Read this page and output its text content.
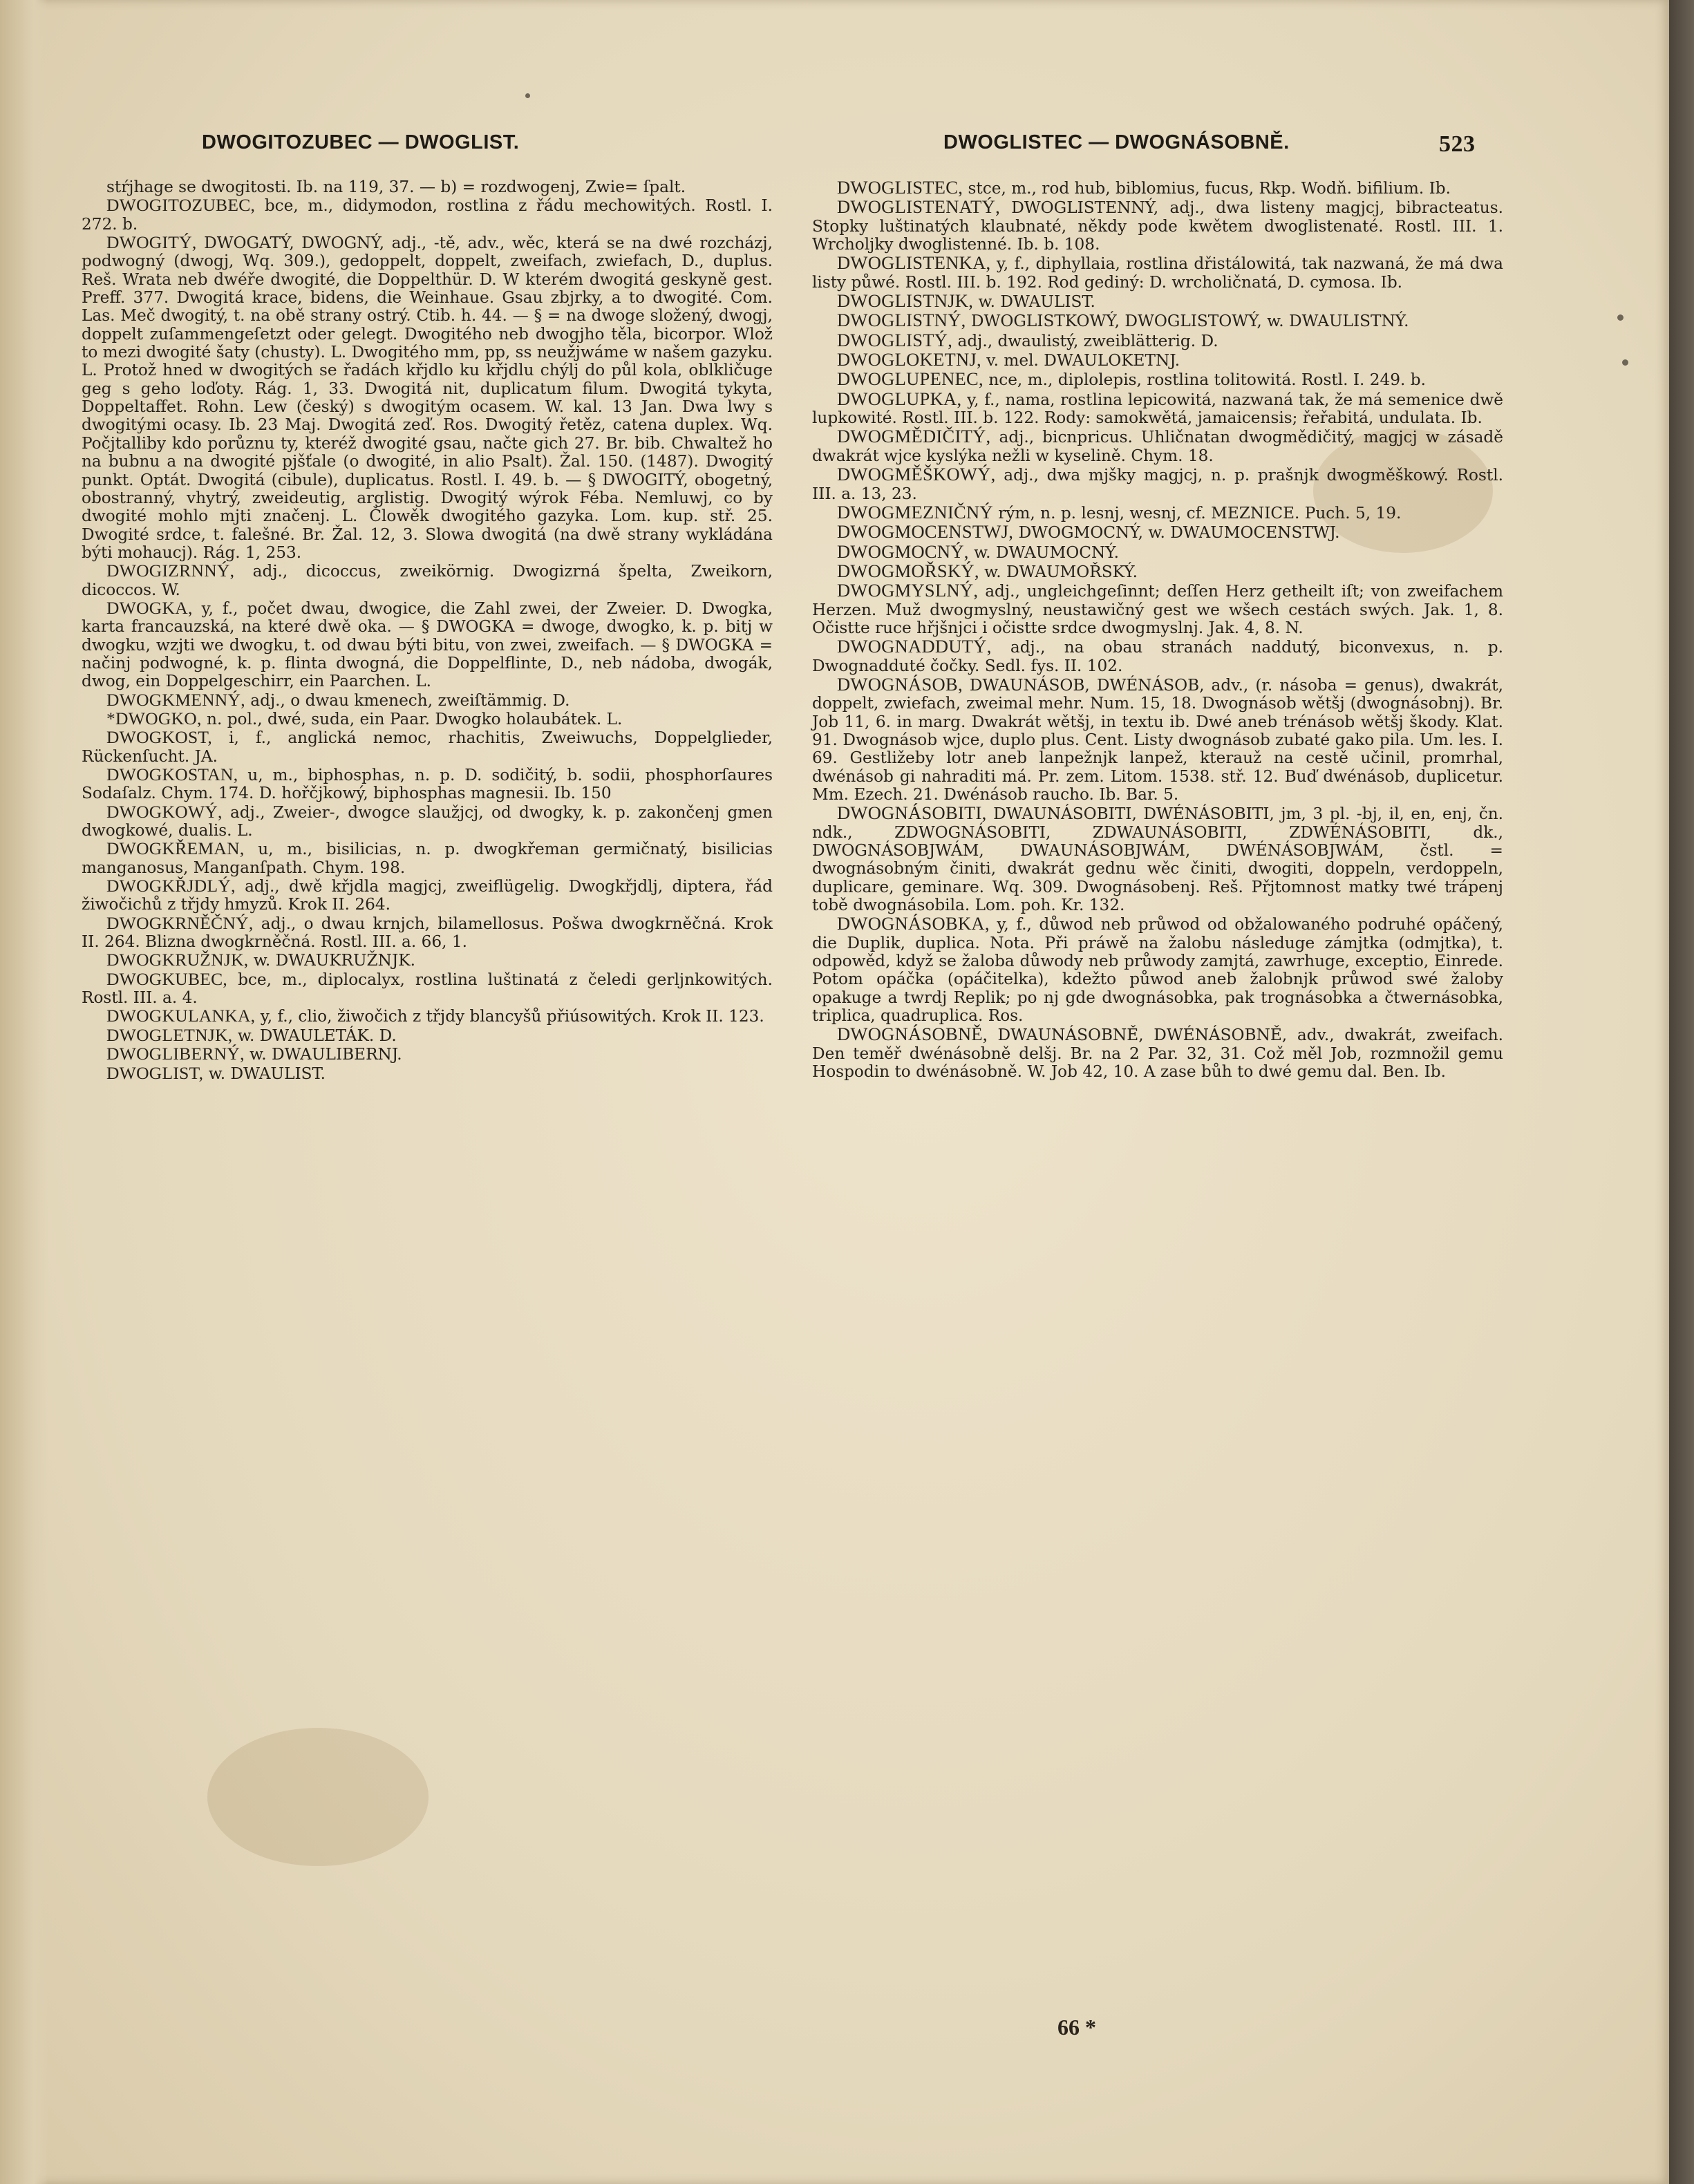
DWOGITOZUBEC — DWOGLIST.	DWOGLISTEC — DWOGNÁSOBNĚ.	523

stŕjhage se dwogitosti. Ib. na 119, 37. — b) = rozdwogenj, Zwie= ſpalt.

DWOGITOZUBEC, bce, m., didymodon, rostlina z řádu mechowitých. Rostl. I. 272. b.

DWOGITÝ, DWOGATÝ, DWOGNÝ, adj., -tě, adv., wěc, která se na dwé rozcházj, podwogný (dwogj, Wq. 309.), gedoppelt, doppelt, zweifach, zwiefach, D., duplus. Reš. Wrata neb dwéře dwogité, die Doppelthür. D. W kterém dwogitá geskyně gest. Preff. 377. Dwogitá krace, bidens, die Weinhaue. Gsau zbjrky, a to dwogité. Com. Las. Meč dwogitý, t. na obě strany ostrý. Ctib. h. 44. — § = na dwoge složený, dwogj, doppelt zuſammengeſetzt oder gelegt. Dwogitého neb dwogjho těla, bicorpor. Wlož to mezi dwogité šaty (chusty). L. Dwogitého mm, pp, ss neužjwáme w našem gazyku. L. Protož hned w dwogitých se řadách křjdlo ku křjdlu chýlj do půl kola, oblkličuge geg s geho loďoty. Rág. 1, 33. Dwogitá nit, duplicatum filum. Dwogitá tykyta, Doppeltaffet. Rohn. Lew (český) s dwogitým ocasem. W. kal. 13 Jan. Dwa lwy s dwogitými ocasy. Ib. 23 Maj. Dwogitá zeď. Ros. Dwogitý řetěz, catena duplex. Wq. Počjtalliby kdo porůznu ty, kteréž dwogité gsau, načte gich 27. Br. bib. Chwaltež ho na bubnu a na dwogité pjšťale (o dwogité, in alio Psalt). Žal. 150. (1487). Dwogitý punkt. Optát. Dwogitá (cibule), duplicatus. Rostl. I. 49. b. — § DWOGITÝ, obogetný, obostranný, vhytrý, zweideutig, arglistig. Dwogitý wýrok Féba. Nemluwj, co by dwogité mohlo mjti značenj. L. Člowěk dwogitého gazyka. Lom. kup. stř. 25. Dwogité srdce, t. falešné. Br. Žal. 12, 3. Slowa dwogitá (na dwě strany wykládána býti mohaucj). Rág. 1, 253.

DWOGIZRNNÝ, adj., dicoccus, zweikörnig. Dwogizrná špelta, Zweikorn, dicoccos. W.

DWOGKA, y, f., počet dwau, dwogice, die Zahl zwei, der Zweier. D. Dwogka, karta francauzská, na které dwě oka. — § DWOGKA = dwoge, dwogko, k. p. bitj w dwogku, wzjti we dwogku, t. od dwau býti bitu, von zwei, zweifach. — § DWOGKA = načinj podwogné, k. p. flinta dwogná, die Doppelflinte, D., neb nádoba, dwogák, dwog, ein Doppelgeschirr, ein Paarchen. L.

DWOGKMENNÝ, adj., o dwau kmenech, zweiſtämmig. D.

*DWOGKO, n. pol., dwé, suda, ein Paar. Dwogko holaubátek. L.

DWOGKOST, i, f., anglická nemoc, rhachitis, Zweiwuchs, Doppelglieder, Rückenſucht. JA.

DWOGKOSTAN, u, m., biphosphas, n. p. D. sodičitý, b. sodii, phosphorſaures Sodaſalz. Chym. 174. D. hořčjkowý, biphosphas magnesii. Ib. 150

DWOGKOWÝ, adj., Zweier-, dwogce slaužjcj, od dwogky, k. p. zakončenj gmen dwogkowé, dualis. L.

DWOGKŘEMAN, u, m., bisilicias, n. p. dwogkřeman germičnatý, bisilicias manganosus, Manganſpath. Chym. 198.

DWOGKŘJDLÝ, adj., dwě křjdla magjcj, zweiflügelig. Dwogkřjdlj, diptera, řád žiwočichů z třjdy hmyzů. Krok II. 264.

DWOGKRNĚČNÝ, adj., o dwau krnjch, bilamellosus. Pošwa dwogkrněčná. Krok II. 264. Blizna dwogkrněčná. Rostl. III. a. 66, 1.

DWOGKRUŽNJK, w. DWAUKRUŽNJK.

DWOGKUBEC, bce, m., diplocalyx, rostlina luštinatá z čeledi gerljnkowitých. Rostl. III. a. 4.

DWOGKULANKA, y, f., clio, žiwočich z třjdy blancyšů přiúsowitých. Krok II. 123.

DWOGLETNJK, w. DWAULETÁK. D.

DWOGLIBERNÝ, w. DWAULIBERNJ.

DWOGLIST, w. DWAULIST.

DWOGLISTEC, stce, m., rod hub, biblomius, fucus, Rkp. Wodň. bifilium. Ib.

DWOGLISTENATÝ, DWOGLISTENNÝ, adj., dwa listeny magjcj, bibracteatus. Stopky luštinatých klaubnaté, někdy pode kwětem dwoglistenaté. Rostl. III. 1. Wrcholjky dwoglistenné. Ib. b. 108.

DWOGLISTENKA, y, f., diphyllaia, rostlina dřistálowitá, tak nazwaná, že má dwa listy půwé. Rostl. III. b. 192. Rod gediný: D. wrcholičnatá, D. cymosa. Ib.

DWOGLISTNJK, w. DWAULIST.

DWOGLISTNÝ, DWOGLISTKOWÝ, DWOGLISTOWÝ, w. DWAULISTNÝ.

DWOGLISTÝ, adj., dwaulistý, zweiblätterig. D.

DWOGLOKETNJ, v. mel. DWAULOKETNJ.

DWOGLUPENEC, nce, m., diplolepis, rostlina tolitowitá. Rostl. I. 249. b.

DWOGLUPKA, y, f., nama, rostlina lepicowitá, nazwaná tak, že má semenice dwě lupkowité. Rostl. III. b. 122. Rody: samokwětá, jamaicensis; řeřabitá, undulata. Ib.

DWOGMĚDIČITÝ, adj., bicnpricus. Uhličnatan dwogmědičitý, magjcj w zásadě dwakrát wjce kyslýka nežli w kyselině. Chym. 18.

DWOGMĚŠKOWÝ, adj., dwa mjšky magjcj, n. p. prašnjk dwogměškowý. Rostl. III. a. 13, 23.

DWOGMEZNIČNÝ rým, n. p. lesnj, wesnj, cf. MEZNICE. Puch. 5, 19.

DWOGMOCENSTWJ, DWOGMOCNÝ, w. DWAUMOCENSTWJ.

DWOGMOCNÝ, w. DWAUMOCNÝ.

DWOGMOŘSKÝ, w. DWAUMOŘSKÝ.

DWOGMYSLNÝ, adj., ungleichgeſinnt; deſſen Herz getheilt iſt; von zweifachem Herzen. Muž dwogmyslný, neustawičný gest we wšech cestách swých. Jak. 1, 8. Očistte ruce hřjšnjci i očistte srdce dwogmyslnj. Jak. 4, 8. N.

DWOGNADDUTÝ, adj., na obau stranách naddutý, biconvexus, n. p. Dwognadduté čočky. Sedl. fys. II. 102.

DWOGNÁSOB, DWAUNÁSOB, DWÉNÁSOB, adv., (r. násoba = genus), dwakrát, doppelt, zwiefach, zweimal mehr. Num. 15, 18. Dwognásob wětšj (dwognásobnj). Br. Job 11, 6. in marg. Dwakrát wětšj, in textu ib. Dwé aneb trénásob wětšj škody. Klat. 91. Dwognásob wjce, duplo plus. Cent. Listy dwognásob zubaté gako pila. Um. les. I. 69. Gestližeby lotr aneb lanpežnjk lanpež, kterauž na cestě učinil, promrhal, dwénásob gi nahraditi má. Pr. zem. Litom. 1538. stř. 12. Buď dwénásob, duplicetur. Mm. Ezech. 21. Dwénásob raucho. Ib. Bar. 5.

DWOGNÁSOBITI, DWAUNÁSOBITI, DWÉNÁSOBITI, jm, 3 pl. -bj, il, en, enj, čn. ndk., ZDWOGNÁSOBITI, ZDWAUNÁSOBITI, ZDWÉNÁSOBITI, dk., DWOGNÁSOBJWÁM, DWAUNÁSOBJWÁM, DWÉNÁSOBJWÁM, čstl. = dwognásobným činiti, dwakrát gednu wěc činiti, dwogiti, doppeln, verdoppeln, duplicare, geminare. Wq. 309. Dwognásobenj. Reš. Přjtomnost matky twé trápenj tobě dwognásobila. Lom. poh. Kr. 132.

DWOGNÁSOBKA, y, f., důwod neb průwod od obžalowaného podruhé opáčený, die Duplik, duplica. Nota. Při práwě na žalobu následuge zámjtka (odmjtka), t. odpowěd, když se žaloba důwody neb průwody zamjtá, zawrhuge, exceptio, Einrede. Potom opáčka (opáčitelka), kdežto půwod aneb žalobnjk průwod swé žaloby opakuge a twrdj Replik; po nj gde dwognásobka, pak trognásobka a čtwernásobka, triplica, quadruplica. Ros.

DWOGNÁSOBNĚ, DWAUNÁSOBNĚ, DWÉNÁSOBNĚ, adv., dwakrát, zweifach. Den teměř dwénásobně delšj. Br. na 2 Par. 32, 31. Což měl Job, rozmnožil gemu Hospodin to dwénásobně. W. Job 42, 10. A zase bůh to dwé gemu dal. Ben. Ib.

66 *
